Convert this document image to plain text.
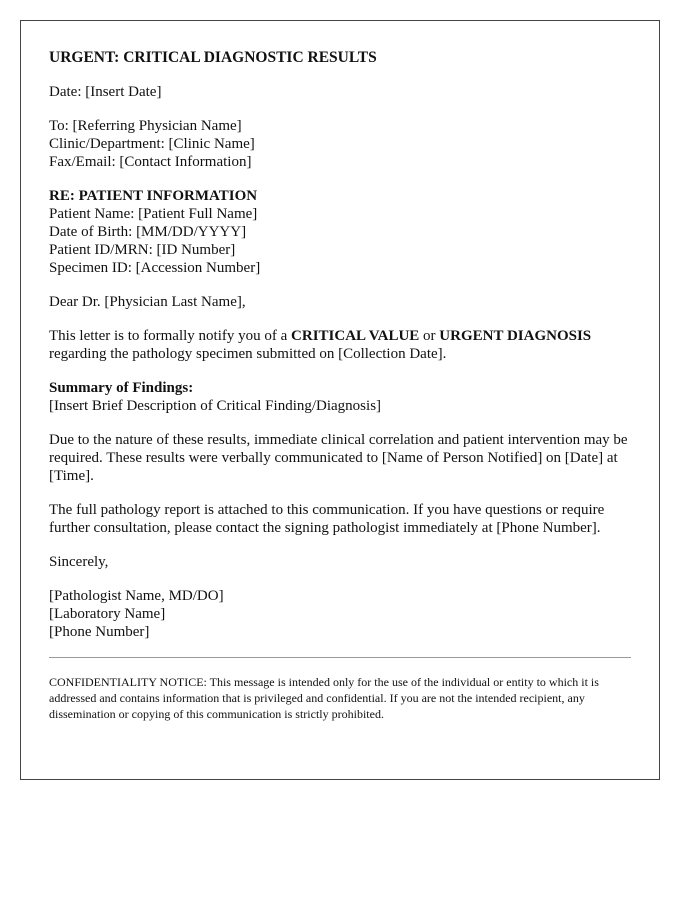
URGENT: CRITICAL DIAGNOSTIC RESULTS
Date: [Insert Date]
To: [Referring Physician Name]
Clinic/Department: [Clinic Name]
Fax/Email: [Contact Information]
RE: PATIENT INFORMATION
Patient Name: [Patient Full Name]
Date of Birth: [MM/DD/YYYY]
Patient ID/MRN: [ID Number]
Specimen ID: [Accession Number]
Dear Dr. [Physician Last Name],

This letter is to formally notify you of a CRITICAL VALUE or URGENT DIAGNOSIS regarding the pathology specimen submitted on [Collection Date].

Summary of Findings:
[Insert Brief Description of Critical Finding/Diagnosis]

Due to the nature of these results, immediate clinical correlation and patient intervention may be required. These results were verbally communicated to [Name of Person Notified] on [Date] at [Time].

The full pathology report is attached to this communication. If you have questions or require further consultation, please contact the signing pathologist immediately at [Phone Number].

Sincerely,
[Pathologist Name, MD/DO]
[Laboratory Name]
[Phone Number]

CONFIDENTIALITY NOTICE: This message is intended only for the use of the individual or entity to which it is addressed and contains information that is privileged and confidential. If you are not the intended recipient, any dissemination or copying of this communication is strictly prohibited.
